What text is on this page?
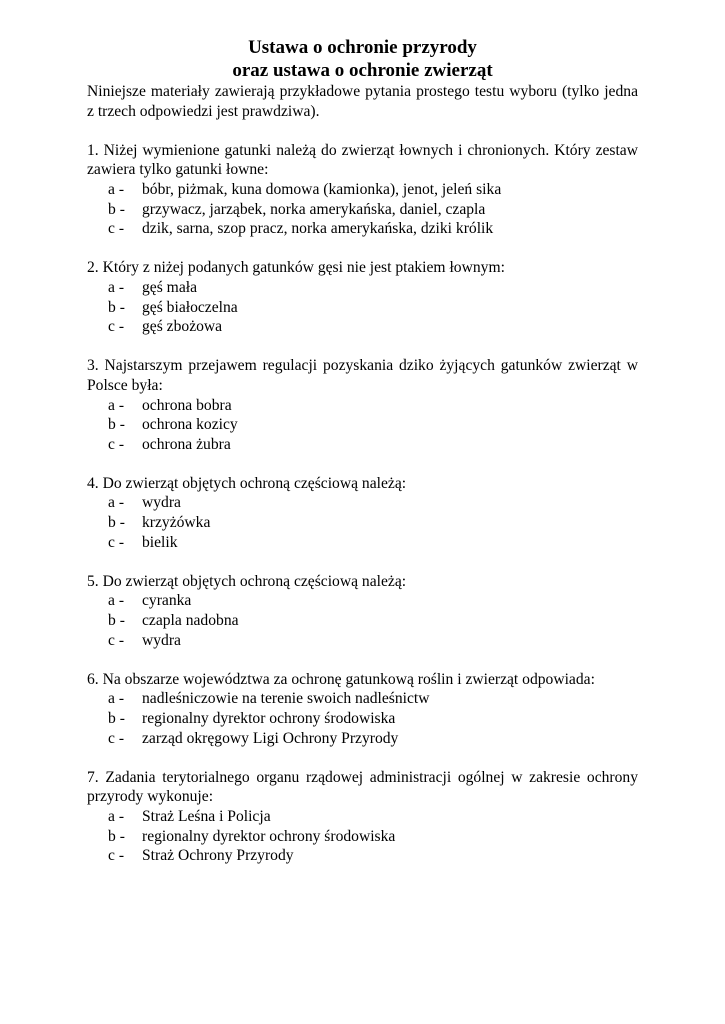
Ustawa o ochronie przyrody
oraz ustawa o ochronie zwierząt

Niniejsze materiały zawierają przykładowe pytania prostego testu wyboru (tylko jedna z trzech odpowiedzi jest prawdziwa).

1. Niżej wymienione gatunki należą do zwierząt łownych i chronionych. Który zestaw zawiera tylko gatunki łowne:

a -	bóbr, piżmak, kuna domowa (kamionka), jenot, jeleń sika
b -	grzywacz, jarząbek, norka amerykańska, daniel, czapla
c -	dzik, sarna, szop pracz, norka amerykańska, dziki królik

2. Który z niżej podanych gatunków gęsi nie jest ptakiem łownym:

a -	gęś mała
b -	gęś białoczelna
c -	gęś zbożowa

3. Najstarszym przejawem regulacji pozyskania dziko żyjących gatunków zwierząt w Polsce była:

a -	ochrona bobra
b -	ochrona kozicy
c -	ochrona żubra

4. Do zwierząt objętych ochroną częściową należą:

a -	wydra
b -	krzyżówka
c -	bielik

5. Do zwierząt objętych ochroną częściową należą:

a -	cyranka
b -	czapla nadobna
c -	wydra

6. Na obszarze województwa za ochronę gatunkową roślin i zwierząt odpowiada:

a -	nadleśniczowie na terenie swoich nadleśnictw
b -	regionalny dyrektor ochrony środowiska
c -	zarząd okręgowy Ligi Ochrony Przyrody

7. Zadania terytorialnego organu rządowej administracji ogólnej w zakresie ochrony przyrody wykonuje:

a -	Straż Leśna i Policja
b -	regionalny dyrektor ochrony środowiska
c -	Straż Ochrony Przyrody
